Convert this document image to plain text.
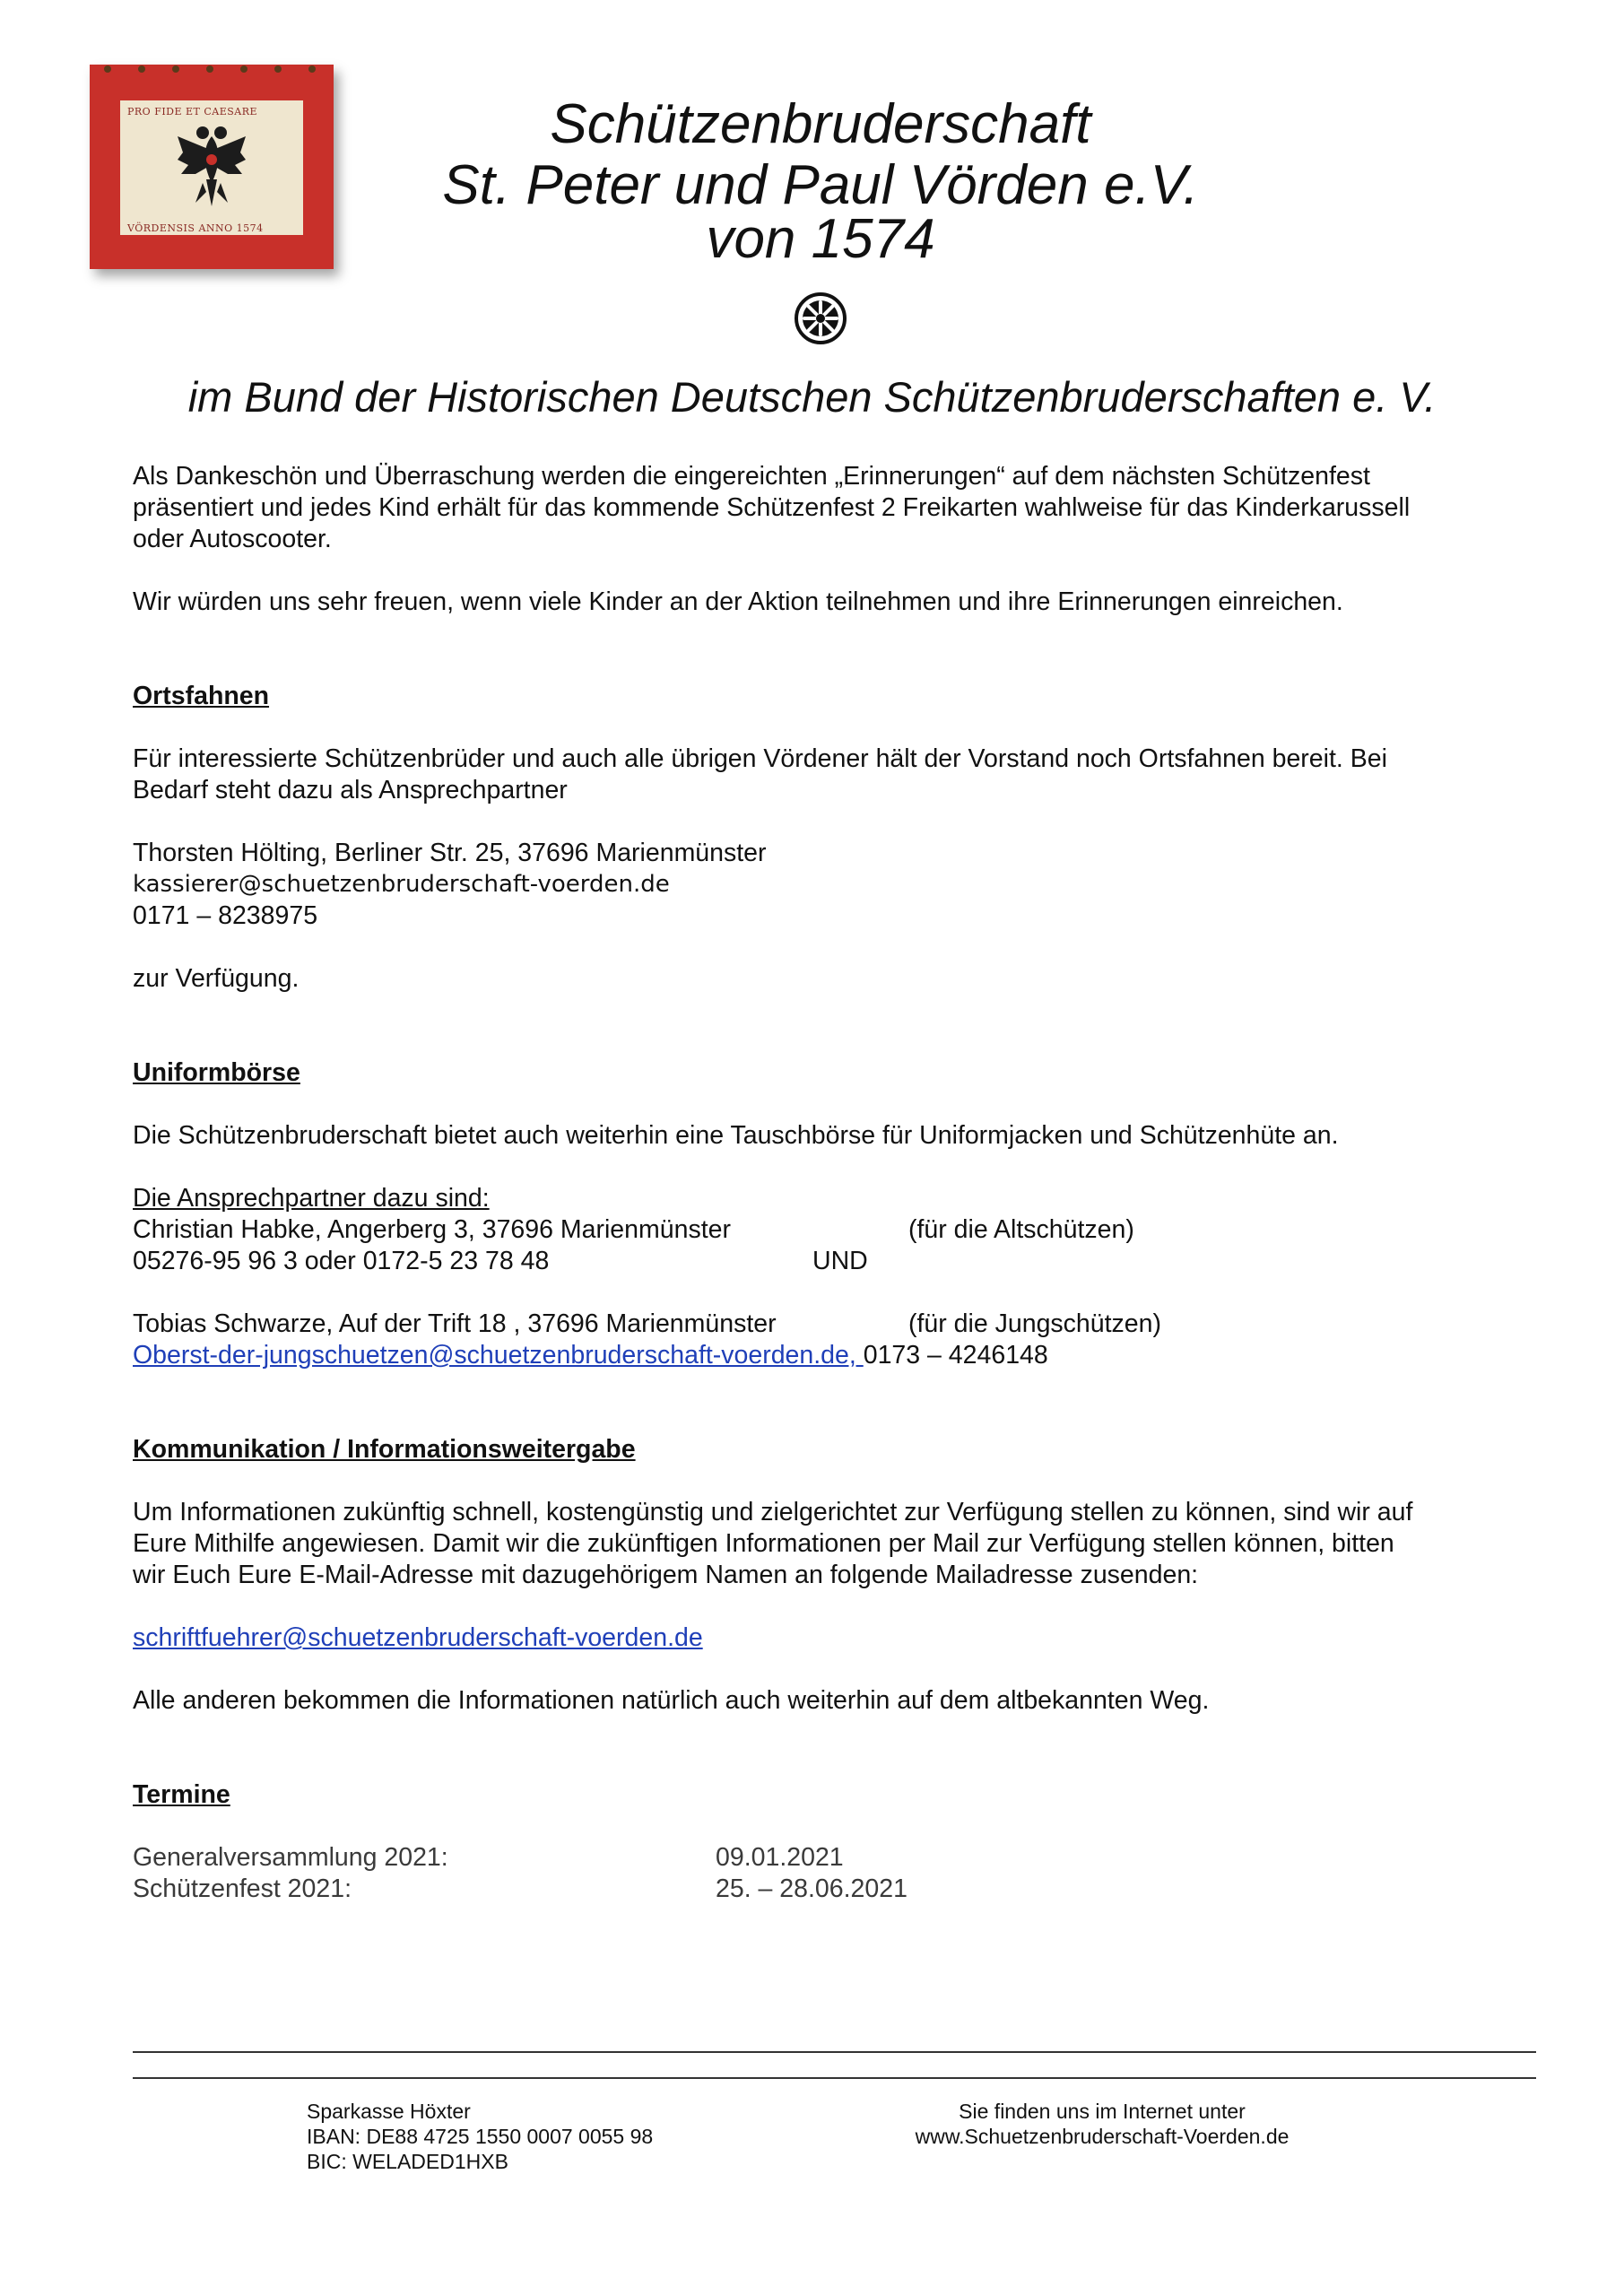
PRO FIDE ET CAESARE
VÖRDENSIS ANNO 1574
Schützenbruderschaft
St. Peter und Paul Vörden e.V.
von 1574
im Bund der Historischen Deutschen Schützenbruderschaften e. V.

Als Dankeschön und Überraschung werden die eingereichten „Erinnerungen“ auf dem nächsten Schützenfest

präsentiert und jedes Kind erhält für das kommende Schützenfest 2 Freikarten wahlweise für das Kinderkarussell

oder Autoscooter.

Wir würden uns sehr freuen, wenn viele Kinder an der Aktion teilnehmen und ihre Erinnerungen einreichen.

Ortsfahnen

Für interessierte Schützenbrüder und auch alle übrigen Vördener hält der Vorstand noch Ortsfahnen bereit. Bei

Bedarf steht dazu als Ansprechpartner

Thorsten Hölting, Berliner Str. 25, 37696 Marienmünster

kassierer@schuetzenbruderschaft-voerden.de

0171 – 8238975

zur Verfügung.

Uniformbörse

Die Schützenbruderschaft bietet auch weiterhin eine Tauschbörse für Uniformjacken und Schützenhüte an.

Die Ansprechpartner dazu sind:

Christian Habke, Angerberg 3, 37696 Marienmünster	(für die Altschützen)
05276-95 96 3 oder 0172-5 23 78 48	UND
Tobias Schwarze, Auf der Trift 18 , 37696 Marienmünster	(für die Jungschützen)

Oberst-der-jungschuetzen@schuetzenbruderschaft-voerden.de, 0173 – 4246148

Kommunikation / Informationsweitergabe

Um Informationen zukünftig schnell, kostengünstig und zielgerichtet zur Verfügung stellen zu können, sind wir auf

Eure Mithilfe angewiesen. Damit wir die zukünftigen Informationen per Mail zur Verfügung stellen können, bitten

wir Euch Eure E-Mail-Adresse mit dazugehörigem Namen an folgende Mailadresse zusenden:

schriftfuehrer@schuetzenbruderschaft-voerden.de

Alle anderen bekommen die Informationen natürlich auch weiterhin auf dem altbekannten Weg.

Termine

Generalversammlung 2021:	09.01.2021
Schützenfest 2021:	25. – 28.06.2021
Sparkasse Höxter
IBAN: DE88 4725 1550 0007 0055 98
BIC: WELADED1HXB
Sie finden uns im Internet unter
www.Schuetzenbruderschaft-Voerden.de
